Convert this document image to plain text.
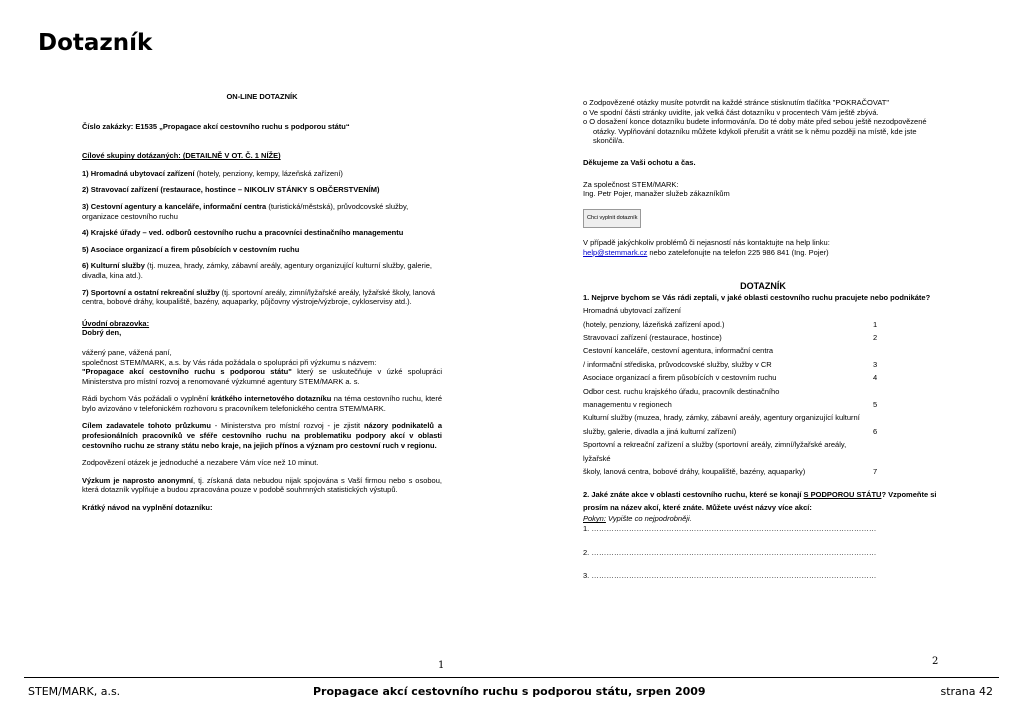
Dotazník
ON-LINE DOTAZNÍK
Číslo zakázky: E1535 „Propagace akcí cestovního ruchu s podporou státu“
Cílové skupiny dotázaných: (DETAILNĚ V OT. Č. 1 NÍŽE)
1) Hromadná ubytovací zařízení (hotely, penziony, kempy, lázeňská zařízení)
2) Stravovací zařízení (restaurace, hostince – NIKOLIV STÁNKY S OBČERSTVENÍM)
3) Cestovní agentury a kanceláře, informační centra (turistická/městská), průvodcovské služby, organizace cestovního ruchu
4) Krajské úřady – ved. odborů cestovního ruchu a pracovníci destinačního managementu
5) Asociace organizací a firem působících v cestovním ruchu
6) Kulturní služby (tj. muzea, hrady, zámky, zábavní areály, agentury organizující kulturní služby, galerie, divadla, kina atd.).
7) Sportovní a ostatní rekreační služby (tj. sportovní areály, zimní/lyžařské areály, lyžařské školy, lanová centra, bobové dráhy, koupaliště, bazény, aquaparky, půjčovny výstroje/výzbroje, cykloservisy atd.).
Úvodní obrazovka:
Dobrý den,
vážený pane, vážená paní,
společnost STEM/MARK, a.s. by Vás ráda požádala o spolupráci při výzkumu s názvem:
"Propagace akcí cestovního ruchu s podporou státu" který se uskutečňuje v úzké spolupráci Ministerstva pro místní rozvoj a renomované výzkumné agentury STEM/MARK a. s.
Rádi bychom Vás požádali o vyplnění krátkého internetového dotazníku na téma cestovního ruchu, které bylo avizováno v telefonickém rozhovoru s pracovníkem telefonického centra STEM/MARK.
Cílem zadavatele tohoto průzkumu - Ministerstva pro místní rozvoj - je zjistit názory podnikatelů a profesionálních pracovníků ve sféře cestovního ruchu na problematiku podpory akcí v oblasti cestovního ruchu ze strany státu nebo kraje, na jejich přínos a význam pro cestovní ruch v regionu.
Zodpovězení otázek je jednoduché a nezabere Vám více než 10 minut.
Výzkum je naprosto anonymní, tj. získaná data nebudou nijak spojována s Vaší firmou nebo s osobou, která dotazník vyplňuje a budou zpracována pouze v podobě souhrnných statistických výstupů.
Krátký návod na vyplnění dotazníku:
o Zodpovězené otázky musíte potvrdit na každé stránce stisknutím tlačítka "POKRAČOVAT"
o Ve spodní části stránky uvidíte, jak velká část dotazníku v procentech Vám ještě zbývá.
o O dosažení konce dotazníku budete informován/a. Do té doby máte před sebou ještě nezodpovězené otázky. Vyplňování dotazníku můžete kdykoli přerušit a vrátit se k němu později na místě, kde jste skončil/a.
Děkujeme za Vaši ochotu a čas.
Za společnost STEM/MARK:
Ing. Petr Pojer, manažer služeb zákazníkům
Chci vyplnit dotazník
V případě jakýchkoliv problémů či nejasností nás kontaktujte na help linku:
help@stemmark.cz nebo zatelefonujte na telefon 225 986 841 (Ing. Pojer)
DOTAZNÍK
1. Nejprve bychom se Vás rádi zeptali, v jaké oblasti cestovního ruchu pracujete nebo podnikáte?
Hromadná ubytovací zařízení
(hotely, penziony, lázeňská zařízení apod.)	1
Stravovací zařízení (restaurace, hostince)	2
Cestovní kanceláře, cestovní agentura, informační centra
/ informační střediska, průvodcovské služby, služby v CR	3
Asociace organizací a firem působících v cestovním ruchu	4
Odbor cest. ruchu krajského úřadu, pracovník destinačního
managementu v regionech	5
Kulturní služby (muzea, hrady, zámky, zábavní areály, agentury organizující kulturní
služby, galerie, divadla a jiná kulturní zařízení)	6
Sportovní a rekreační zařízení a služby (sportovní areály, zimní/lyžařské areály, lyžařské
školy, lanová centra, bobové dráhy, koupaliště, bazény, aquaparky)	7
2. Jaké znáte akce v oblasti cestovního ruchu, které se konají S PODPOROU STÁTU? Vzpomeňte si prosím na název akcí, které znáte. Můžete uvést názvy více akcí:
Pokyn: Vypište co nejpodrobněji.
1. ……………………………………………………………………………………………………
2. ……………………………………………………………………………………………………
3. ……………………………………………………………………………………………………
1	2
STEM/MARK, a.s.	Propagace akcí cestovního ruchu s podporou státu, srpen 2009	strana 42
